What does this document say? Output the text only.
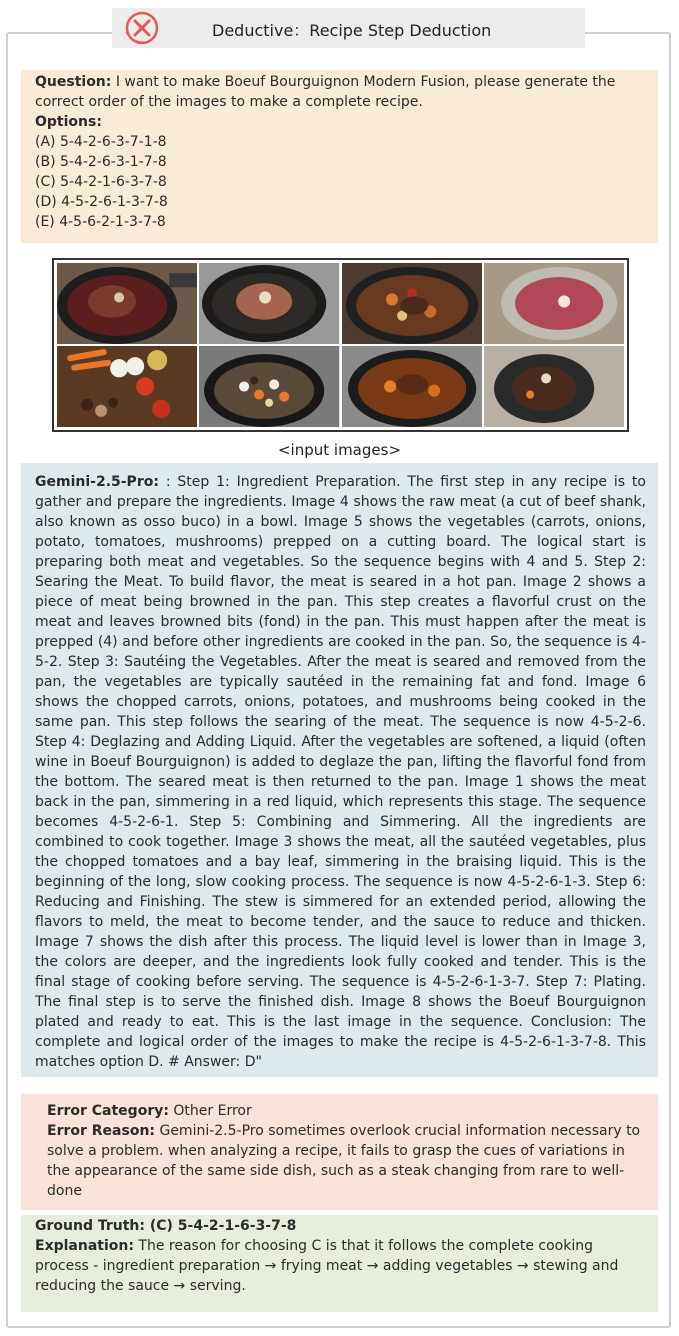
Deductive：Recipe Step Deduction
Question: I want to make Boeuf Bourguignon Modern Fusion, please generate the correct order of the images to make a complete recipe.
Options:
(A) 5-4-2-6-3-7-1-8
(B) 5-4-2-6-3-1-7-8
(C) 5-4-2-1-6-3-7-8
(D) 4-5-2-6-1-3-7-8
(E) 4-5-6-2-1-3-7-8
<input images>

Gemini-2.5-Pro: : Step 1: Ingredient Preparation. The first step in any recipe is to gather and prepare the ingredients. Image 4 shows the raw meat (a cut of beef shank, also known as osso buco) in a bowl. Image 5 shows the vegetables (carrots, onions, potato, tomatoes, mushrooms) prepped on a cutting board. The logical start is preparing both meat and vegetables. So the sequence begins with 4 and 5. Step 2: Searing the Meat. To build flavor, the meat is seared in a hot pan. Image 2 shows a piece of meat being browned in the pan. This step creates a flavorful crust on the meat and leaves browned bits (fond) in the pan. This must happen after the meat is prepped (4) and before other ingredients are cooked in the pan. So, the sequence is 4-5-2. Step 3: Sautéing the Vegetables. After the meat is seared and removed from the pan, the vegetables are typically sautéed in the remaining fat and fond. Image 6 shows the chopped carrots, onions, potatoes, and mushrooms being cooked in the same pan. This step follows the searing of the meat. The sequence is now 4-5-2-6. Step 4: Deglazing and Adding Liquid. After the vegetables are softened, a liquid (often wine in Boeuf Bourguignon) is added to deglaze the pan, lifting the flavorful fond from the bottom. The seared meat is then returned to the pan. Image 1 shows the meat back in the pan, simmering in a red liquid, which represents this stage. The sequence becomes 4-5-2-6-1. Step 5: Combining and Simmering. All the ingredients are combined to cook together. Image 3 shows the meat, all the sautéed vegetables, plus the chopped tomatoes and a bay leaf, simmering in the braising liquid. This is the beginning of the long, slow cooking process. The sequence is now 4-5-2-6-1-3. Step 6: Reducing and Finishing. The stew is simmered for an extended period, allowing the flavors to meld, the meat to become tender, and the sauce to reduce and thicken. Image 7 shows the dish after this process. The liquid level is lower than in Image 3, the colors are deeper, and the ingredients look fully cooked and tender. This is the final stage of cooking before serving. The sequence is 4-5-2-6-1-3-7. Step 7: Plating. The final step is to serve the finished dish. Image 8 shows the Boeuf Bourguignon plated and ready to eat. This is the last image in the sequence. Conclusion: The complete and logical order of the images to make the recipe is 4-5-2-6-1-3-7-8. This matches option D. # Answer: D"

Error Category: Other Error
Error Reason: Gemini-2.5-Pro sometimes overlook crucial information necessary to solve a problem. when analyzing a recipe, it fails to grasp the cues of variations in the appearance of the same side dish, such as a steak changing from rare to well-done
Ground Truth: (C) 5-4-2-1-6-3-7-8
Explanation: The reason for choosing C is that it follows the complete cooking process - ingredient preparation → frying meat → adding vegetables → stewing and reducing the sauce → serving.
